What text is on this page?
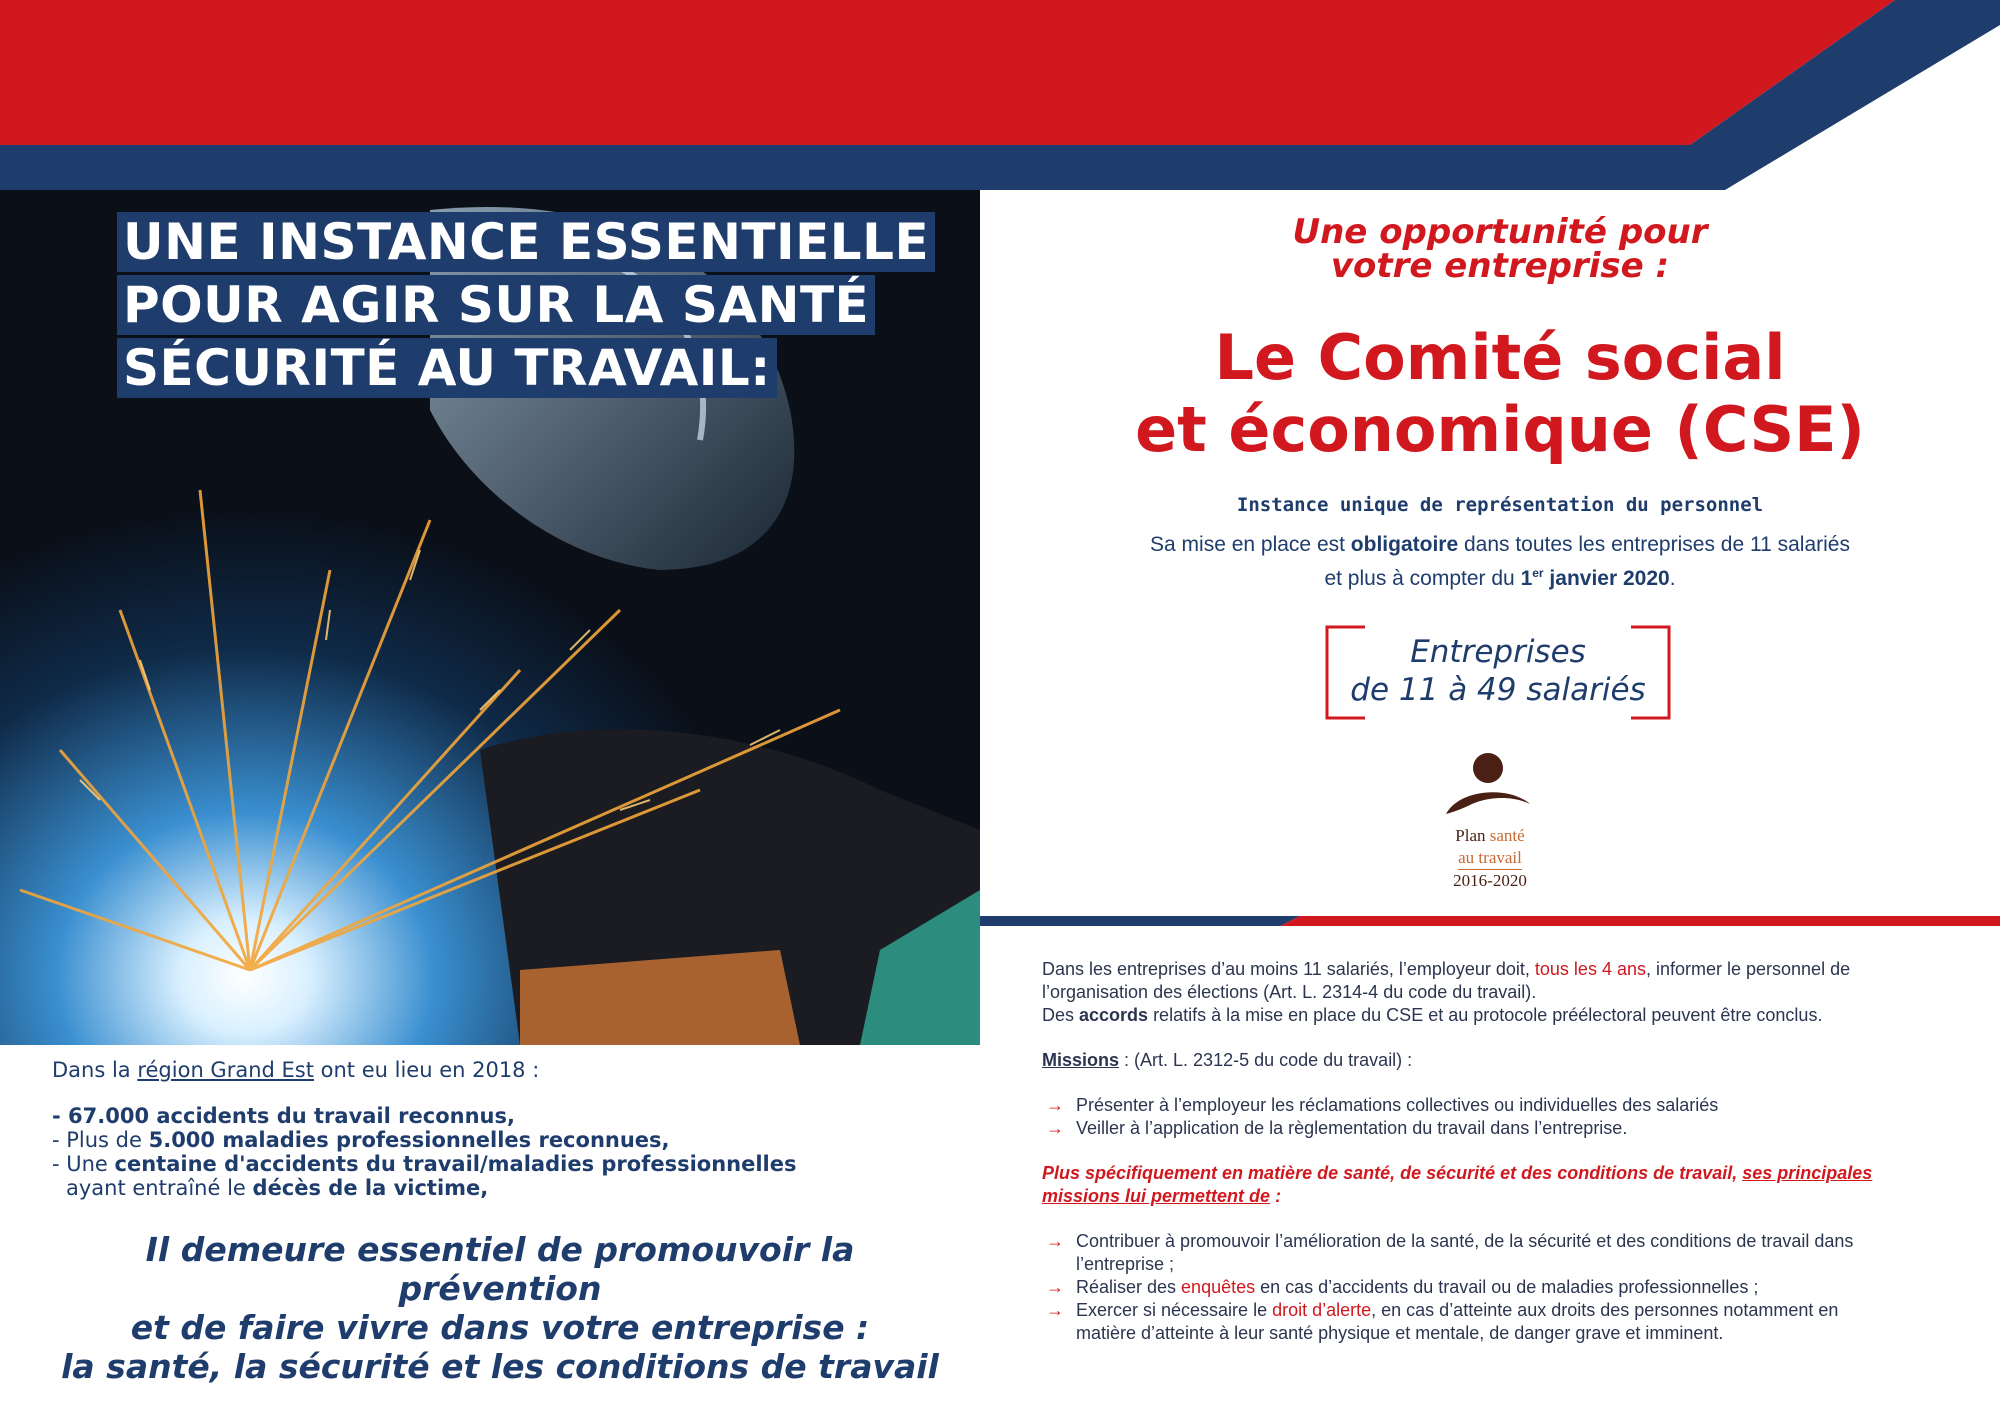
UNE INSTANCE ESSENTIELLE
POUR AGIR SUR LA SANTÉ
SÉCURITÉ AU TRAVAIL:
Dans la région Grand Est ont eu lieu en 2018 :
- 67.000 accidents du travail reconnus,
- Plus de 5.000 maladies professionnelles reconnues,
- Une centaine d'accidents du travail/maladies professionnelles
ayant entraîné le décès de la victime,
Il demeure essentiel de promouvoir la prévention
et de faire vivre dans votre entreprise :
la santé, la sécurité et les conditions de travail
Une opportunité pour
votre entreprise :
Le Comité social
et économique (CSE)
Instance unique de représentation du personnel
Sa mise en place est obligatoire dans toutes les entreprises de 11 salariés
et plus à compter du 1er janvier 2020.
Entreprises
de 11 à 49 salariés
Plan santé
au travail
2016-2020
Dans les entreprises d’au moins 11 salariés, l’employeur doit, tous les 4 ans, informer le personnel de
l’organisation des élections (Art. L. 2314-4 du code du travail).
Des accords relatifs à la mise en place du CSE et au protocole préélectoral peuvent être conclus.
Missions : (Art. L. 2312-5 du code du travail) :
→ Présenter à l’employeur les réclamations collectives ou individuelles des salariés
→ Veiller à l’application de la règlementation du travail dans l’entreprise.
Plus spécifiquement en matière de santé, de sécurité et des conditions de travail, ses principales
missions lui permettent de :
→ Contribuer à promouvoir l’amélioration de la santé, de la sécurité et des conditions de travail dans
l’entreprise ;
→ Réaliser des enquêtes en cas d’accidents du travail ou de maladies professionnelles ;
→ Exercer si nécessaire le droit d’alerte, en cas d’atteinte aux droits des personnes notamment en
matière d’atteinte à leur santé physique et mentale, de danger grave et imminent.
